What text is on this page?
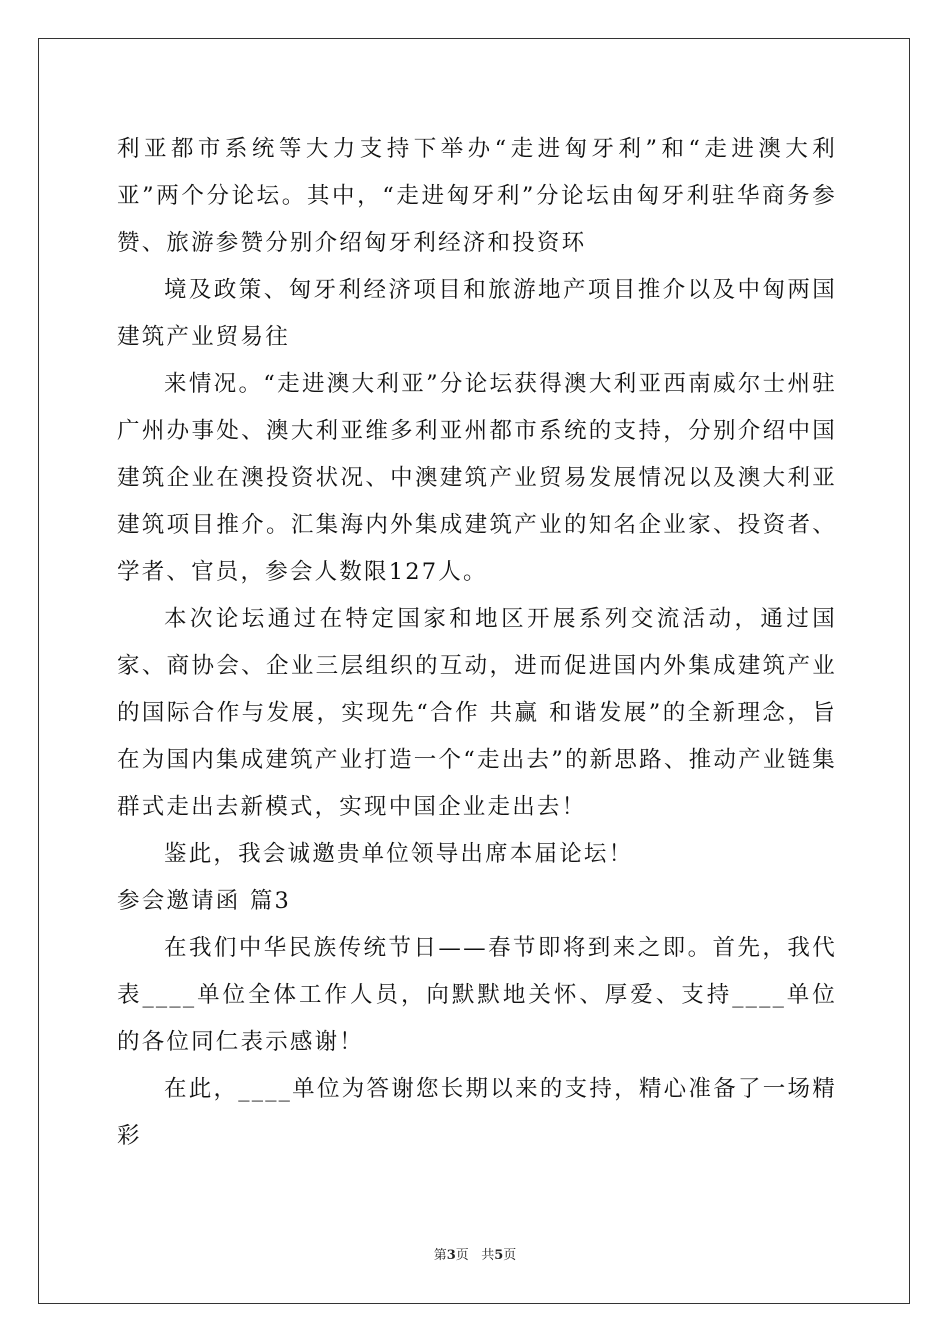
利亚都市系统等大力支持下举办“走进匈牙利”和“走进澳大利亚”两个分论坛。其中，“走进匈牙利”分论坛由匈牙利驻华商务参赞、旅游参赞分别介绍匈牙利经济和投资环

境及政策、匈牙利经济项目和旅游地产项目推介以及中匈两国建筑产业贸易往

来情况。“走进澳大利亚”分论坛获得澳大利亚西南威尔士州驻广州办事处、澳大利亚维多利亚州都市系统的支持，分别介绍中国建筑企业在澳投资状况、中澳建筑产业贸易发展情况以及澳大利亚建筑项目推介。汇集海内外集成建筑产业的知名企业家、投资者、学者、官员，参会人数限127人。

本次论坛通过在特定国家和地区开展系列交流活动，通过国家、商协会、企业三层组织的互动，进而促进国内外集成建筑产业的国际合作与发展，实现先“合作 共赢 和谐发展”的全新理念，旨在为国内集成建筑产业打造一个“走出去”的新思路、推动产业链集群式走出去新模式，实现中国企业走出去！

鉴此，我会诚邀贵单位领导出席本届论坛！

参会邀请函 篇3

在我们中华民族传统节日——春节即将到来之即。首先，我代表____单位全体工作人员，向默默地关怀、厚爱、支持____单位的各位同仁表示感谢！

在此，____单位为答谢您长期以来的支持，精心准备了一场精彩

第3页 共5页
